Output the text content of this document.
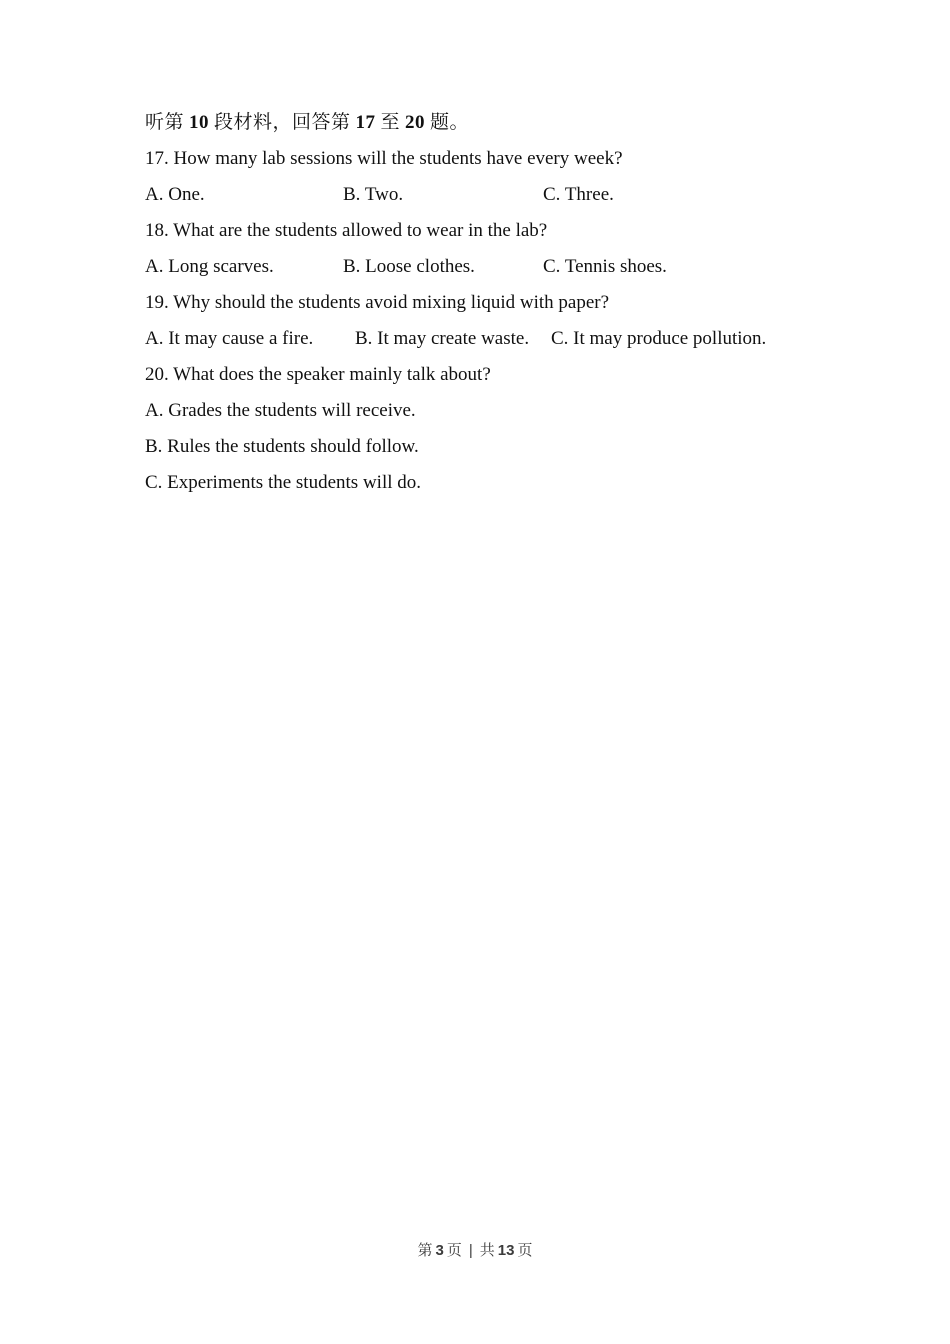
听第 10 段材料，回答第 17 至 20 题。

17. How many lab sessions will the students have every week?

A. One.	B. Two.	C. Three.

18. What are the students allowed to wear in the lab?

A. Long scarves.	B. Loose clothes.	C. Tennis shoes.

19. Why should the students avoid mixing liquid with paper?

A. It may cause a fire. B. It may create waste. C. It may produce pollution.

20. What does the speaker mainly talk about?

A. Grades the students will receive.

B. Rules the students should follow.

C. Experiments the students will do.

第 3 页 | 共 13 页
